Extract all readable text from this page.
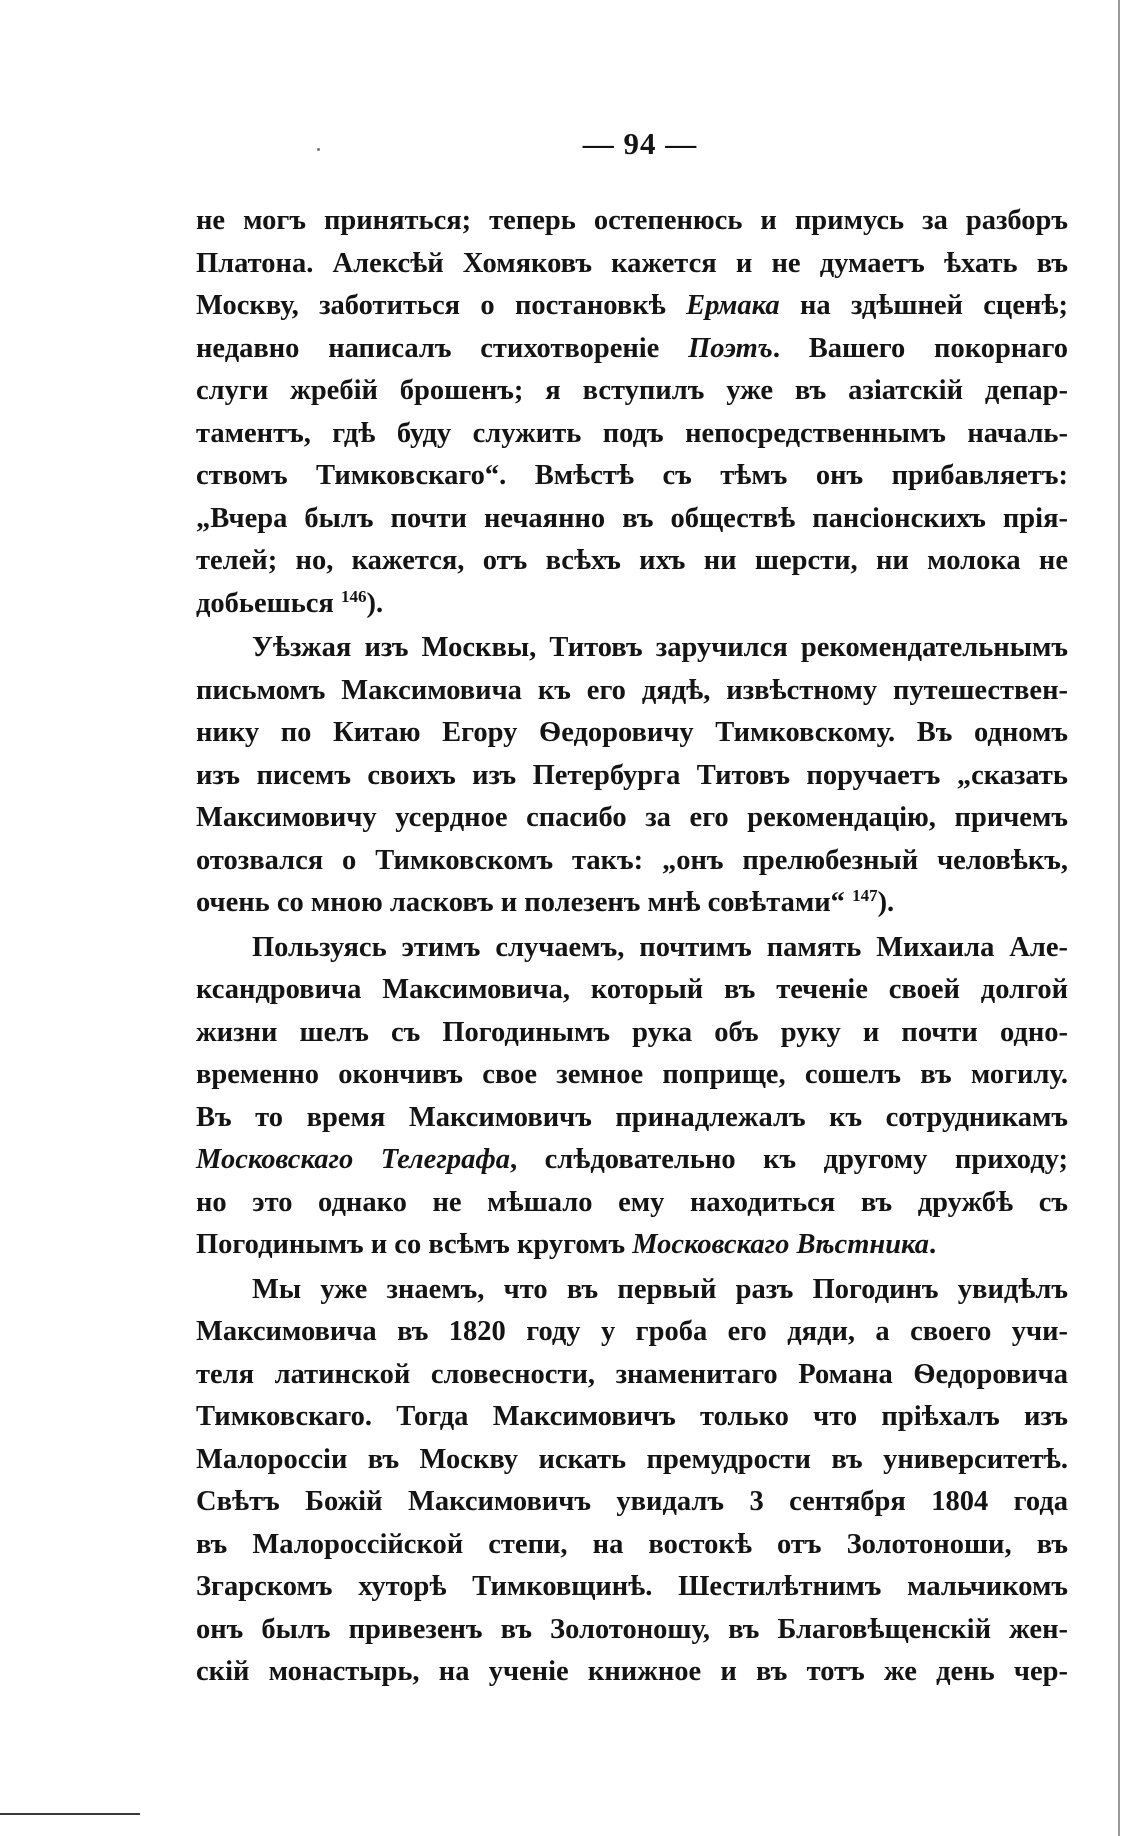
— 94 —
не могъ приняться; теперь остепенюсь и примусь за разборъ
Платона. Алексѣй Хомяковъ кажется и не думаетъ ѣхать въ
Москву, заботиться о постановкѣ Ермака на здѣшней сценѣ;
недавно написалъ стихотвореніе Поэтъ. Вашего покорнаго
слуги жребій брошенъ; я вступилъ уже въ азіатскій депар-
таментъ, гдѣ буду служить подъ непосредственнымъ началь-
ствомъ Тимковскаго“. Вмѣстѣ съ тѣмъ онъ прибавляетъ:
„Вчера былъ почти нечаянно въ обществѣ пансіонскихъ прія-
телей; но, кажется, отъ всѣхъ ихъ ни шерсти, ни молока не
добьешься $^{146}$).
Уѣзжая изъ Москвы, Титовъ заручился рекомендательнымъ
письмомъ Максимовича къ его дядѣ, извѣстному путешествен-
нику по Китаю Егору Ѳедоровичу Тимковскому. Въ одномъ
изъ писемъ своихъ изъ Петербурга Титовъ поручаетъ „сказать
Максимовичу усердное спасибо за его рекомендацію, причемъ
отозвался о Тимковскомъ такъ: „онъ прелюбезный человѣкъ,
очень со мною ласковъ и полезенъ мнѣ совѣтами“ $^{147}$).
Пользуясь этимъ случаемъ, почтимъ память Михаила Але-
ксандровича Максимовича, который въ теченіе своей долгой
жизни шелъ съ Погодинымъ рука объ руку и почти одно-
временно окончивъ свое земное поприще, сошелъ въ могилу.
Въ то время Максимовичъ принадлежалъ къ сотрудникамъ
Московскаго Телеграфа, слѣдовательно къ другому приходу;
но это однако не мѣшало ему находиться въ дружбѣ съ
Погодинымъ и со всѣмъ кругомъ Московскаго Вѣстника.
Мы уже знаемъ, что въ первый разъ Погодинъ увидѣлъ
Максимовича въ 1820 году у гроба его дяди, а своего учи-
теля латинской словесности, знаменитаго Романа Ѳедоровича
Тимковскаго. Тогда Максимовичъ только что пріѣхалъ изъ
Малороссіи въ Москву искать премудрости въ университетѣ.
Свѣтъ Божій Максимовичъ увидалъ 3 сентября 1804 года
въ Малороссійской степи, на востокѣ отъ Золотоноши, въ
Згарскомъ хуторѣ Тимковщинѣ. Шестилѣтнимъ мальчикомъ
онъ былъ привезенъ въ Золотоношу, въ Благовѣщенскій жен-
скій монастырь, на ученіе книжное и въ тотъ же день чер-
